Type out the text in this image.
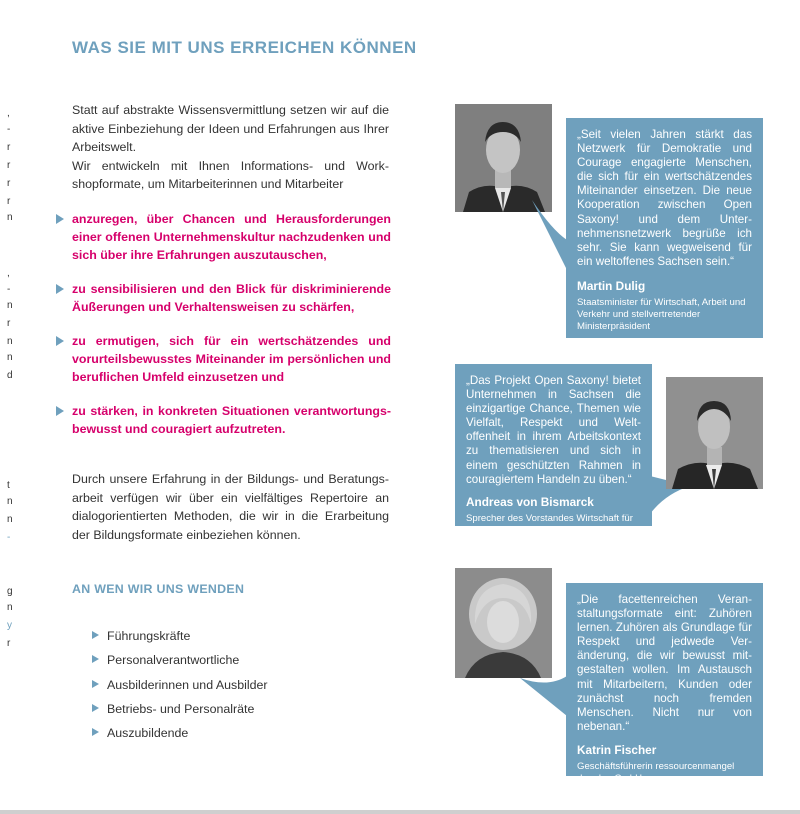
,
-
r
r
r
r
n
,
-
n
r
n
n
d
t
n
n
-
g
n
y
r
WAS SIE MIT UNS ERREICHEN KÖNNEN

Statt auf abstrakte Wissensvermittlung setzen wir auf die aktive Einbeziehung der Ideen und Erfahrungen aus Ihrer Arbeitswelt.

Wir entwickeln mit Ihnen Informations- und Workshopformate, um Mitarbeiterinnen und Mitarbeiter

anzuregen, über Chancen und Herausforderungen einer offenen Unternehmenskultur nachzudenken und sich über ihre Erfahrungen auszutauschen,
zu sensibilisieren und den Blick für diskriminierende Äußerungen und Verhaltensweisen zu schärfen,
zu ermutigen, sich für ein wertschätzendes und vorurteilsbewusstes Miteinander im persönlichen und beruflichen Umfeld einzusetzen und
zu stärken, in konkreten Situationen verantwortungsbewusst und couragiert aufzutreten.

Durch unsere Erfahrung in der Bildungs- und Beratungsarbeit verfügen wir über ein vielfältiges Repertoire an dialogorientierten Methoden, die wir in die Erarbeitung der Bildungsformate einbeziehen können.

AN WEN WIR UNS WENDEN
Führungskräfte
Personalverantwortliche
Ausbilderinnen und Ausbilder
Betriebs- und Personalräte
Auszubildende

„Seit vielen Jahren stärkt das Netzwerk für Demokratie und Courage engagierte Menschen, die sich für ein wertschätzendes Miteinander einsetzen. Die neue Kooperation zwischen Open Saxony! und dem Unternehmensnetzwerk begrüße ich sehr. Sie kann wegweisend für ein weltoffenes Sachsen sein.“

Martin Dulig
Staatsminister für Wirtschaft, Arbeit und Verkehr und stellvertretender Ministerpräsident

„Das Projekt Open Saxony! bietet Unternehmen in Sachsen die einzigartige Chance, Themen wie Vielfalt, Respekt und Weltoffenheit in ihrem Arbeitskontext zu thematisieren und sich in einem geschützten Rahmen in couragiertem Handeln zu üben.“

Andreas von Bismarck
Sprecher des Vorstandes Wirtschaft für ein Weltoffenes Sachsen e.V.

„Die facettenreichen Veranstaltungsformate eint: Zuhören lernen. Zuhören als Grundlage für Respekt und jedwede Veränderung, die wir bewusst mitgestalten wollen. Im Austausch mit Mitarbeitern, Kunden oder zunächst noch fremden Menschen. Nicht nur von nebenan.“

Katrin Fischer
Geschäftsführerin ressourcenmangel dresden GmbH
